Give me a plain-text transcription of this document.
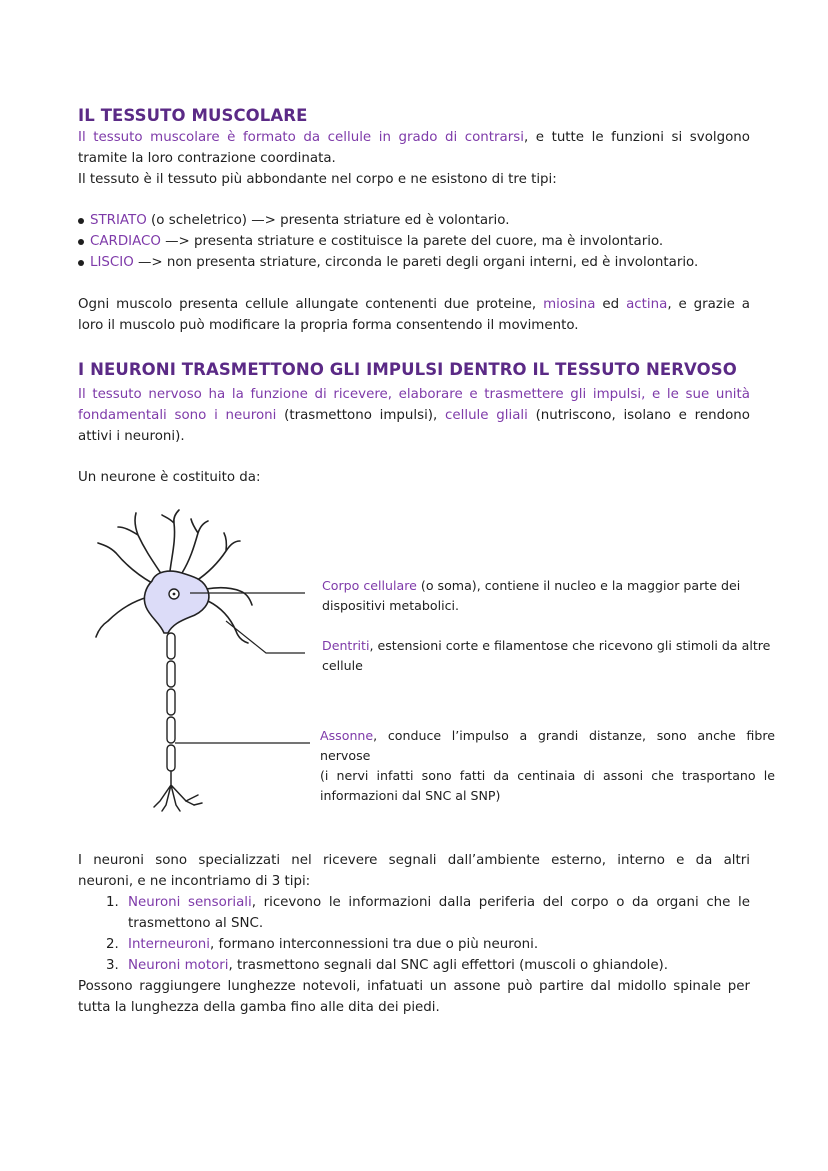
IL TESSUTO MUSCOLARE
Il tessuto muscolare è formato da cellule in grado di contrarsi, e tutte le funzioni si svolgono
tramite la loro contrazione coordinata.
Il tessuto è il tessuto più abbondante nel corpo e ne esistono di tre tipi:
STRIATO (o scheletrico) —> presenta striature ed è volontario.
CARDIACO —> presenta striature e costituisce la parete del cuore, ma è involontario.
LISCIO —> non presenta striature, circonda le pareti degli organi interni, ed è involontario.
Ogni muscolo presenta cellule allungate contenenti due proteine, miosina ed actina, e grazie a
loro il muscolo può modificare la propria forma consentendo il movimento.
I NEURONI TRASMETTONO GLI IMPULSI DENTRO IL TESSUTO NERVOSO
Il tessuto nervoso ha la funzione di ricevere, elaborare e trasmettere gli impulsi, e le sue unità
fondamentali sono i neuroni (trasmettono impulsi), cellule gliali (nutriscono, isolano e rendono
attivi i neuroni).
Un neurone è costituito da:
Corpo cellulare (o soma), contiene il nucleo e la maggior parte dei
dispositivi metabolici.
Dentriti, estensioni corte e filamentose che ricevono gli stimoli da altre
cellule
Assonne, conduce l’impulso a grandi distanze, sono anche fibre nervose
(i nervi infatti sono fatti da centinaia di assoni che trasportano le
informazioni dal SNC al SNP)
I neuroni sono specializzati nel ricevere segnali dall’ambiente esterno, interno e da altri
neuroni, e ne incontriamo di 3 tipi:
1. Neuroni sensoriali, ricevono le informazioni dalla periferia del corpo o da organi che le
trasmettono al SNC.
2. Interneuroni, formano interconnessioni tra due o più neuroni.
3. Neuroni motori, trasmettono segnali dal SNC agli effettori (muscoli o ghiandole).
Possono raggiungere lunghezze notevoli, infatuati un assone può partire dal midollo spinale per
tutta la lunghezza della gamba fino alle dita dei piedi.
